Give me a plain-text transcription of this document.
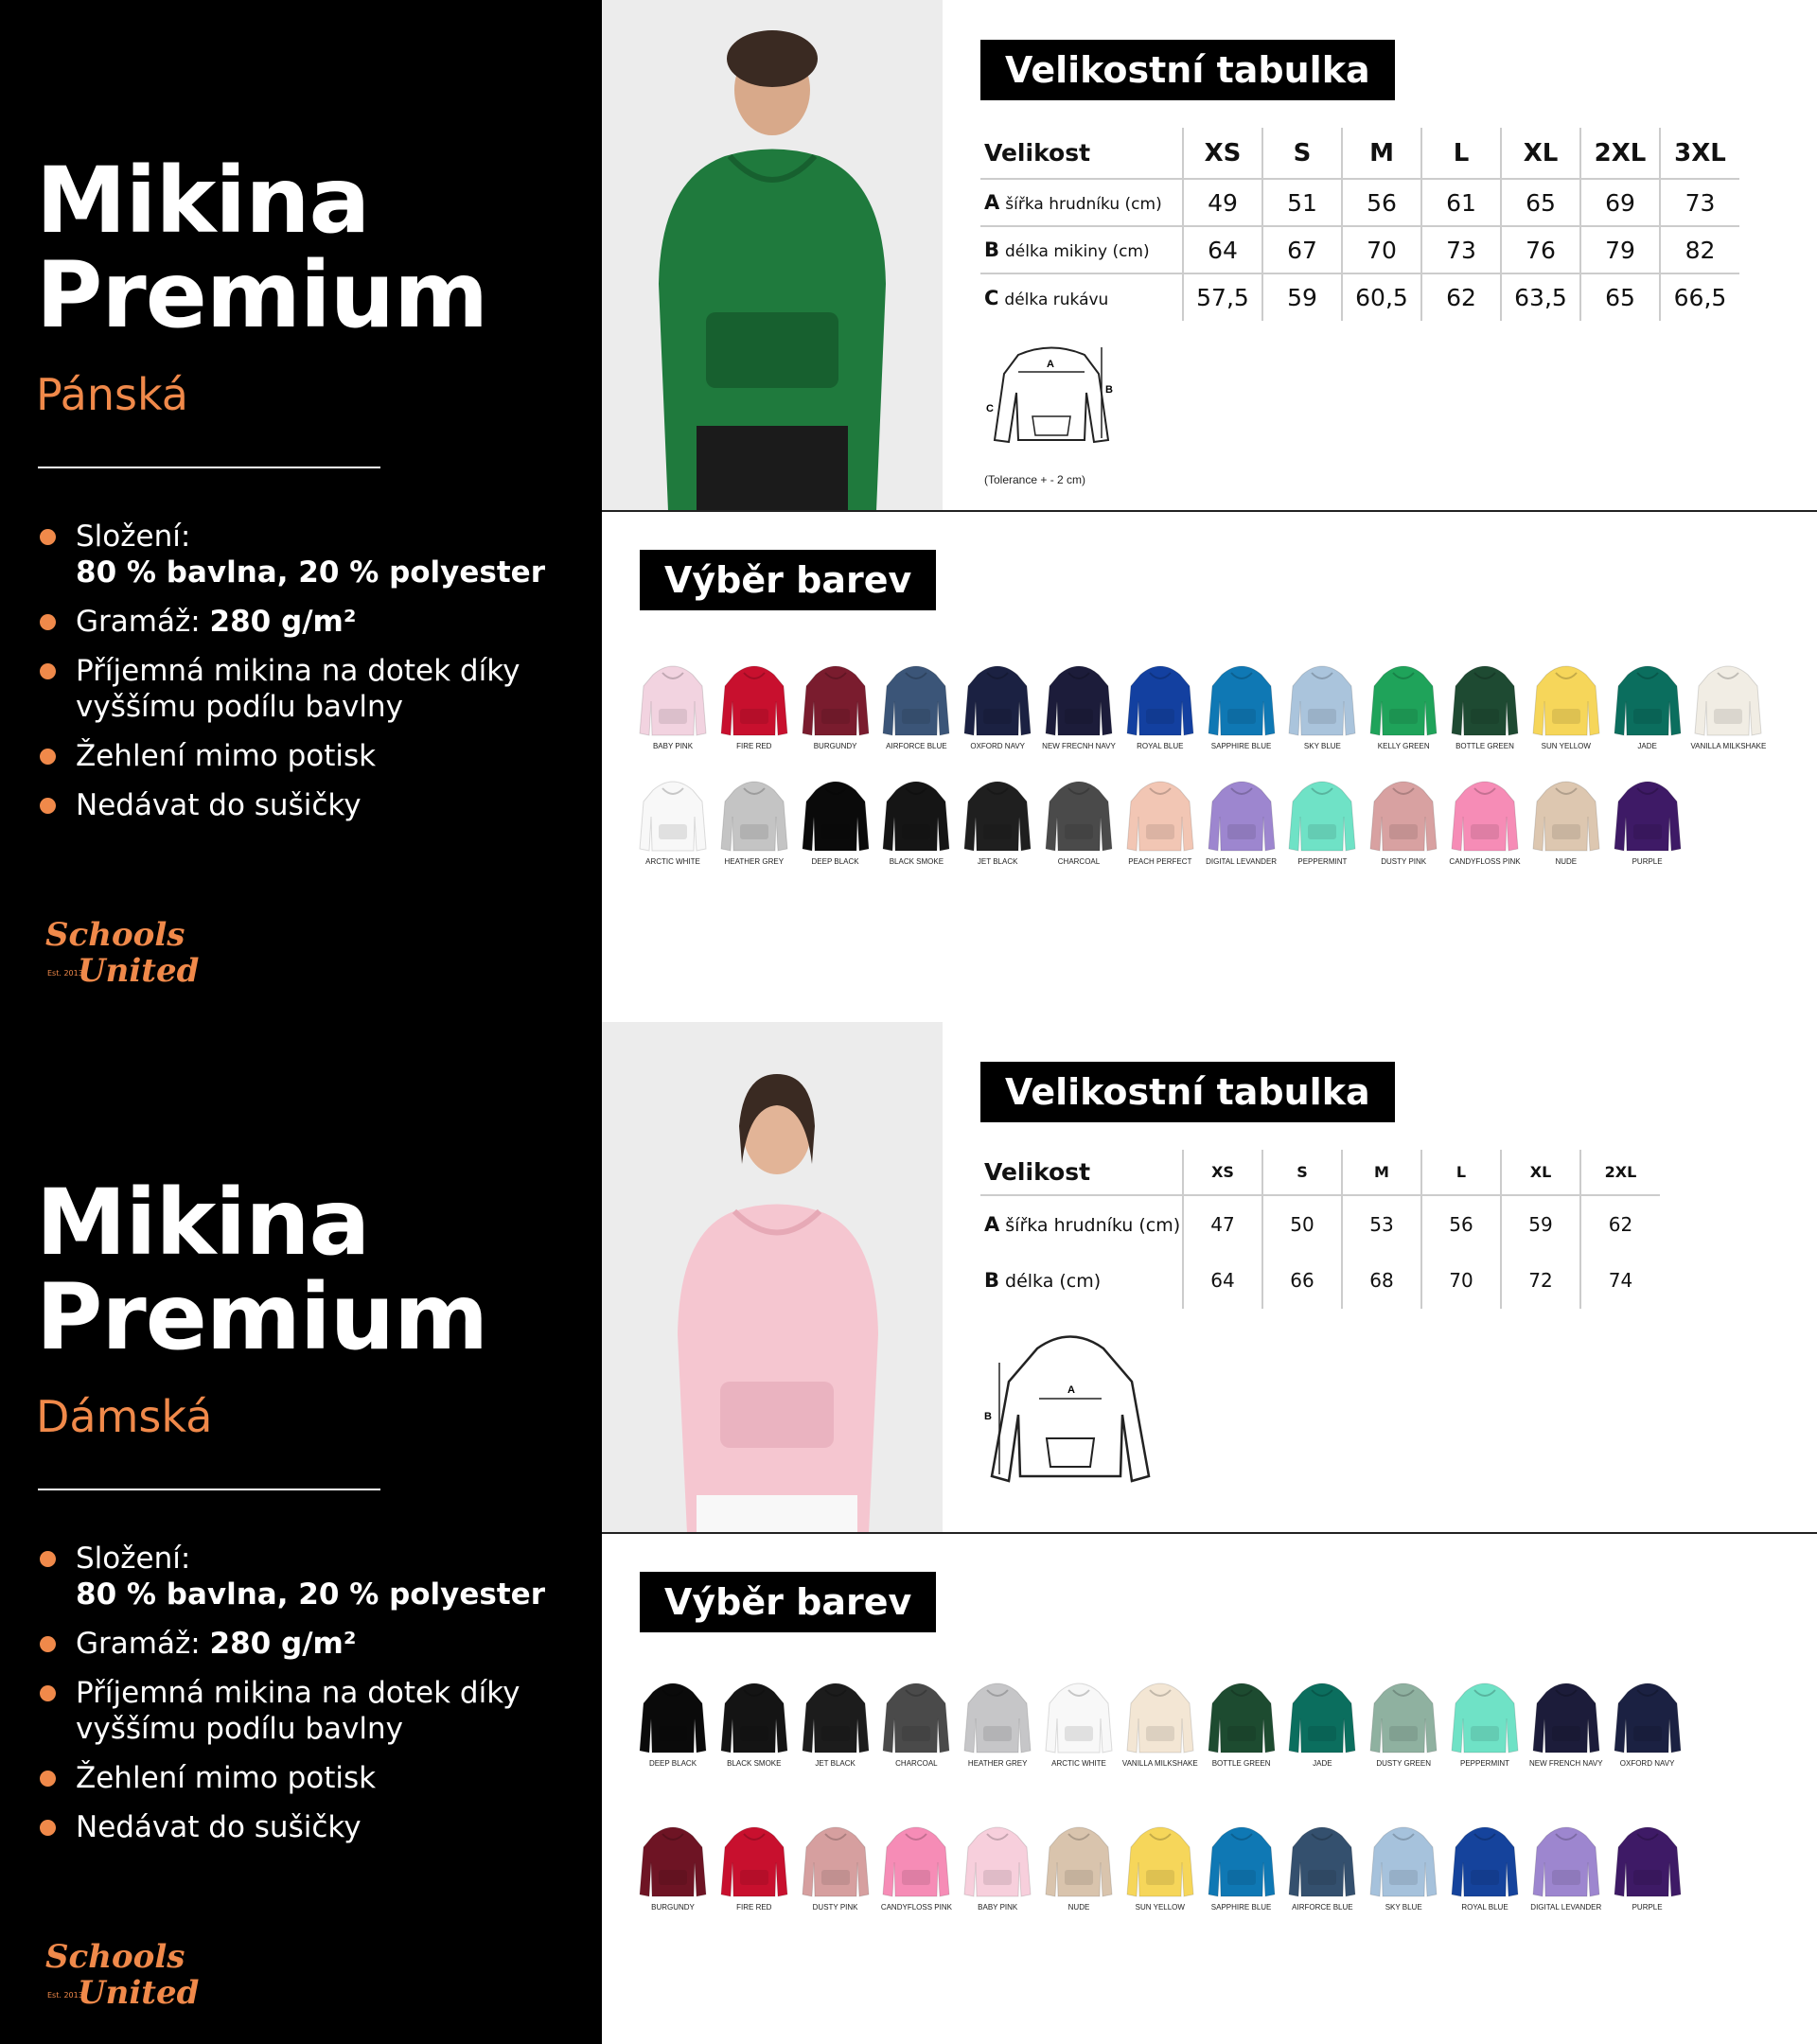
Mikina
Premium
Pánská
Složení:
80 % bavlna, 20 % polyester
Gramáž: 280 g/m²
Příjemná mikina na dotek díky vyššímu podílu bavlny
Žehlení mimo potisk
Nedávat do sušičky
Schools
United
Est. 2013
Velikostní tabulka
Velikost	XS	S	M	L	XL	2XL	3XL
A šířka hrudníku (cm)	49	51	56	61	65	69	73
B délka mikiny (cm)	64	67	70	73	76	79	82
C délka rukávu	57,5	59	60,5	62	63,5	65	66,5
A
B
C
(Tolerance + - 2 cm)
Výběr barev
BABY PINK	FIRE RED	BURGUNDY	AIRFORCE BLUE	OXFORD NAVY	NEW FRECNH NAVY	ROYAL BLUE	SAPPHIRE BLUE	SKY BLUE	KELLY GREEN	BOTTLE GREEN	SUN YELLOW	JADE	VANILLA MILKSHAKE
ARCTIC WHITE	HEATHER GREY	DEEP BLACK	BLACK SMOKE	JET BLACK	CHARCOAL	PEACH PERFECT	DIGITAL LEVANDER	PEPPERMINT	DUSTY PINK	CANDYFLOSS PINK	NUDE	PURPLE
Mikina
Premium
Dámská
Složení:
80 % bavlna, 20 % polyester
Gramáž: 280 g/m²
Příjemná mikina na dotek díky vyššímu podílu bavlny
Žehlení mimo potisk
Nedávat do sušičky
Schools
United
Est. 2013
Velikostní tabulka
Velikost	XS	S	M	L	XL	2XL
A šířka hrudníku (cm)	47	50	53	56	59	62
B délka (cm)	64	66	68	70	72	74
A
B
Výběr barev
DEEP BLACK	BLACK SMOKE	JET BLACK	CHARCOAL	HEATHER GREY	ARCTIC WHITE	VANILLA MILKSHAKE	BOTTLE GREEN	JADE	DUSTY GREEN	PEPPERMINT	NEW FRENCH NAVY	OXFORD NAVY
BURGUNDY	FIRE RED	DUSTY PINK	CANDYFLOSS PINK	BABY PINK	NUDE	SUN YELLOW	SAPPHIRE BLUE	AIRFORCE BLUE	SKY BLUE	ROYAL BLUE	DIGITAL LEVANDER	PURPLE
